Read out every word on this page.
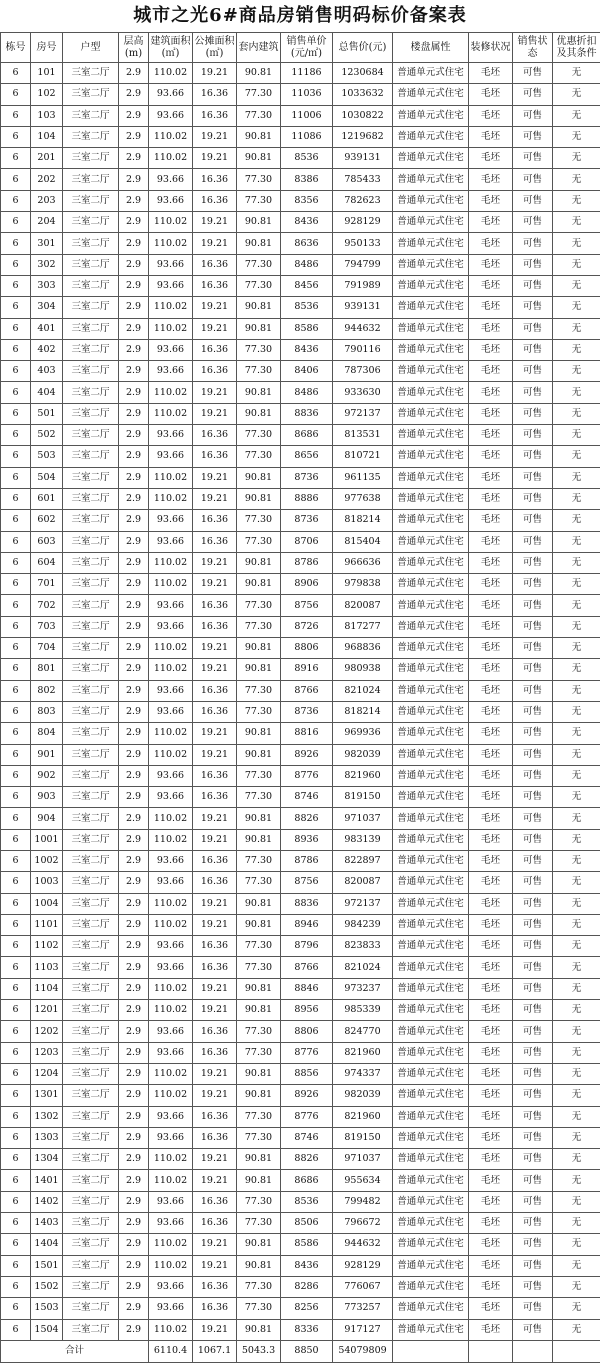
城市之光6#商品房销售明码标价备案表
栋号	房号	户型	层高(m)	建筑面积(㎡)	公摊面积(㎡)	套内建筑	销售单价(元/㎡)	总售价(元)	楼盘属性	装修状况	销售状态	优惠折扣及其条件
6	101	三室二厅	2.9	110.02	19.21	90.81	11186	1230684	普通单元式住宅	毛坯	可售	无
6	102	三室二厅	2.9	93.66	16.36	77.30	11036	1033632	普通单元式住宅	毛坯	可售	无
6	103	三室二厅	2.9	93.66	16.36	77.30	11006	1030822	普通单元式住宅	毛坯	可售	无
6	104	三室二厅	2.9	110.02	19.21	90.81	11086	1219682	普通单元式住宅	毛坯	可售	无
6	201	三室二厅	2.9	110.02	19.21	90.81	8536	939131	普通单元式住宅	毛坯	可售	无
6	202	三室二厅	2.9	93.66	16.36	77.30	8386	785433	普通单元式住宅	毛坯	可售	无
6	203	三室二厅	2.9	93.66	16.36	77.30	8356	782623	普通单元式住宅	毛坯	可售	无
6	204	三室二厅	2.9	110.02	19.21	90.81	8436	928129	普通单元式住宅	毛坯	可售	无
6	301	三室二厅	2.9	110.02	19.21	90.81	8636	950133	普通单元式住宅	毛坯	可售	无
6	302	三室二厅	2.9	93.66	16.36	77.30	8486	794799	普通单元式住宅	毛坯	可售	无
6	303	三室二厅	2.9	93.66	16.36	77.30	8456	791989	普通单元式住宅	毛坯	可售	无
6	304	三室二厅	2.9	110.02	19.21	90.81	8536	939131	普通单元式住宅	毛坯	可售	无
6	401	三室二厅	2.9	110.02	19.21	90.81	8586	944632	普通单元式住宅	毛坯	可售	无
6	402	三室二厅	2.9	93.66	16.36	77.30	8436	790116	普通单元式住宅	毛坯	可售	无
6	403	三室二厅	2.9	93.66	16.36	77.30	8406	787306	普通单元式住宅	毛坯	可售	无
6	404	三室二厅	2.9	110.02	19.21	90.81	8486	933630	普通单元式住宅	毛坯	可售	无
6	501	三室二厅	2.9	110.02	19.21	90.81	8836	972137	普通单元式住宅	毛坯	可售	无
6	502	三室二厅	2.9	93.66	16.36	77.30	8686	813531	普通单元式住宅	毛坯	可售	无
6	503	三室二厅	2.9	93.66	16.36	77.30	8656	810721	普通单元式住宅	毛坯	可售	无
6	504	三室二厅	2.9	110.02	19.21	90.81	8736	961135	普通单元式住宅	毛坯	可售	无
6	601	三室二厅	2.9	110.02	19.21	90.81	8886	977638	普通单元式住宅	毛坯	可售	无
6	602	三室二厅	2.9	93.66	16.36	77.30	8736	818214	普通单元式住宅	毛坯	可售	无
6	603	三室二厅	2.9	93.66	16.36	77.30	8706	815404	普通单元式住宅	毛坯	可售	无
6	604	三室二厅	2.9	110.02	19.21	90.81	8786	966636	普通单元式住宅	毛坯	可售	无
6	701	三室二厅	2.9	110.02	19.21	90.81	8906	979838	普通单元式住宅	毛坯	可售	无
6	702	三室二厅	2.9	93.66	16.36	77.30	8756	820087	普通单元式住宅	毛坯	可售	无
6	703	三室二厅	2.9	93.66	16.36	77.30	8726	817277	普通单元式住宅	毛坯	可售	无
6	704	三室二厅	2.9	110.02	19.21	90.81	8806	968836	普通单元式住宅	毛坯	可售	无
6	801	三室二厅	2.9	110.02	19.21	90.81	8916	980938	普通单元式住宅	毛坯	可售	无
6	802	三室二厅	2.9	93.66	16.36	77.30	8766	821024	普通单元式住宅	毛坯	可售	无
6	803	三室二厅	2.9	93.66	16.36	77.30	8736	818214	普通单元式住宅	毛坯	可售	无
6	804	三室二厅	2.9	110.02	19.21	90.81	8816	969936	普通单元式住宅	毛坯	可售	无
6	901	三室二厅	2.9	110.02	19.21	90.81	8926	982039	普通单元式住宅	毛坯	可售	无
6	902	三室二厅	2.9	93.66	16.36	77.30	8776	821960	普通单元式住宅	毛坯	可售	无
6	903	三室二厅	2.9	93.66	16.36	77.30	8746	819150	普通单元式住宅	毛坯	可售	无
6	904	三室二厅	2.9	110.02	19.21	90.81	8826	971037	普通单元式住宅	毛坯	可售	无
6	1001	三室二厅	2.9	110.02	19.21	90.81	8936	983139	普通单元式住宅	毛坯	可售	无
6	1002	三室二厅	2.9	93.66	16.36	77.30	8786	822897	普通单元式住宅	毛坯	可售	无
6	1003	三室二厅	2.9	93.66	16.36	77.30	8756	820087	普通单元式住宅	毛坯	可售	无
6	1004	三室二厅	2.9	110.02	19.21	90.81	8836	972137	普通单元式住宅	毛坯	可售	无
6	1101	三室二厅	2.9	110.02	19.21	90.81	8946	984239	普通单元式住宅	毛坯	可售	无
6	1102	三室二厅	2.9	93.66	16.36	77.30	8796	823833	普通单元式住宅	毛坯	可售	无
6	1103	三室二厅	2.9	93.66	16.36	77.30	8766	821024	普通单元式住宅	毛坯	可售	无
6	1104	三室二厅	2.9	110.02	19.21	90.81	8846	973237	普通单元式住宅	毛坯	可售	无
6	1201	三室二厅	2.9	110.02	19.21	90.81	8956	985339	普通单元式住宅	毛坯	可售	无
6	1202	三室二厅	2.9	93.66	16.36	77.30	8806	824770	普通单元式住宅	毛坯	可售	无
6	1203	三室二厅	2.9	93.66	16.36	77.30	8776	821960	普通单元式住宅	毛坯	可售	无
6	1204	三室二厅	2.9	110.02	19.21	90.81	8856	974337	普通单元式住宅	毛坯	可售	无
6	1301	三室二厅	2.9	110.02	19.21	90.81	8926	982039	普通单元式住宅	毛坯	可售	无
6	1302	三室二厅	2.9	93.66	16.36	77.30	8776	821960	普通单元式住宅	毛坯	可售	无
6	1303	三室二厅	2.9	93.66	16.36	77.30	8746	819150	普通单元式住宅	毛坯	可售	无
6	1304	三室二厅	2.9	110.02	19.21	90.81	8826	971037	普通单元式住宅	毛坯	可售	无
6	1401	三室二厅	2.9	110.02	19.21	90.81	8686	955634	普通单元式住宅	毛坯	可售	无
6	1402	三室二厅	2.9	93.66	16.36	77.30	8536	799482	普通单元式住宅	毛坯	可售	无
6	1403	三室二厅	2.9	93.66	16.36	77.30	8506	796672	普通单元式住宅	毛坯	可售	无
6	1404	三室二厅	2.9	110.02	19.21	90.81	8586	944632	普通单元式住宅	毛坯	可售	无
6	1501	三室二厅	2.9	110.02	19.21	90.81	8436	928129	普通单元式住宅	毛坯	可售	无
6	1502	三室二厅	2.9	93.66	16.36	77.30	8286	776067	普通单元式住宅	毛坯	可售	无
6	1503	三室二厅	2.9	93.66	16.36	77.30	8256	773257	普通单元式住宅	毛坯	可售	无
6	1504	三室二厅	2.9	110.02	19.21	90.81	8336	917127	普通单元式住宅	毛坯	可售	无
合计				6110.4	1067.1	5043.3	8850	54079809				
